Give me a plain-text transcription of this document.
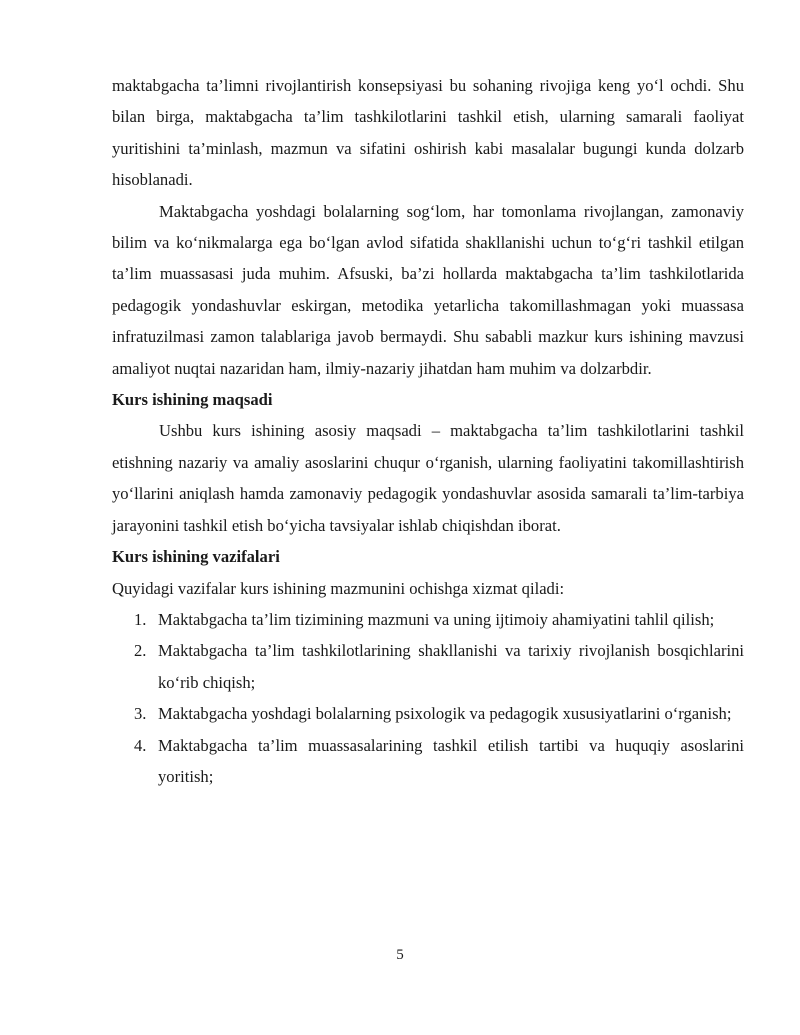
maktabgacha ta’limni rivojlantirish konsepsiyasi bu sohaning rivojiga keng yo‘l ochdi. Shu bilan birga, maktabgacha ta’lim tashkilotlarini tashkil etish, ularning samarali faoliyat yuritishini ta’minlash, mazmun va sifatini oshirish kabi masalalar bugungi kunda dolzarb hisoblanadi.

Maktabgacha yoshdagi bolalarning sog‘lom, har tomonlama rivojlangan, zamonaviy bilim va ko‘nikmalarga ega bo‘lgan avlod sifatida shakllanishi uchun to‘g‘ri tashkil etilgan ta’lim muassasasi juda muhim. Afsuski, ba’zi hollarda maktabgacha ta’lim tashkilotlarida pedagogik yondashuvlar eskirgan, metodika yetarlicha takomillashmagan yoki muassasa infratuzilmasi zamon talablariga javob bermaydi. Shu sababli mazkur kurs ishining mavzusi amaliyot nuqtai nazaridan ham, ilmiy-nazariy jihatdan ham muhim va dolzarbdir.

Kurs ishining maqsadi

Ushbu kurs ishining asosiy maqsadi – maktabgacha ta’lim tashkilotlarini tashkil etishning nazariy va amaliy asoslarini chuqur o‘rganish, ularning faoliyatini takomillashtirish yo‘llarini aniqlash hamda zamonaviy pedagogik yondashuvlar asosida samarali ta’lim-tarbiya jarayonini tashkil etish bo‘yicha tavsiyalar ishlab chiqishdan iborat.

Kurs ishining vazifalari

Quyidagi vazifalar kurs ishining mazmunini ochishga xizmat qiladi:

1. Maktabgacha ta’lim tizimining mazmuni va uning ijtimoiy ahamiyatini tahlil qilish;
2. Maktabgacha ta’lim tashkilotlarining shakllanishi va tarixiy rivojlanish bosqichlarini ko‘rib chiqish;
3. Maktabgacha yoshdagi bolalarning psixologik va pedagogik xususiyatlarini o‘rganish;
4. Maktabgacha ta’lim muassasalarining tashkil etilish tartibi va huquqiy asoslarini yoritish;
5
